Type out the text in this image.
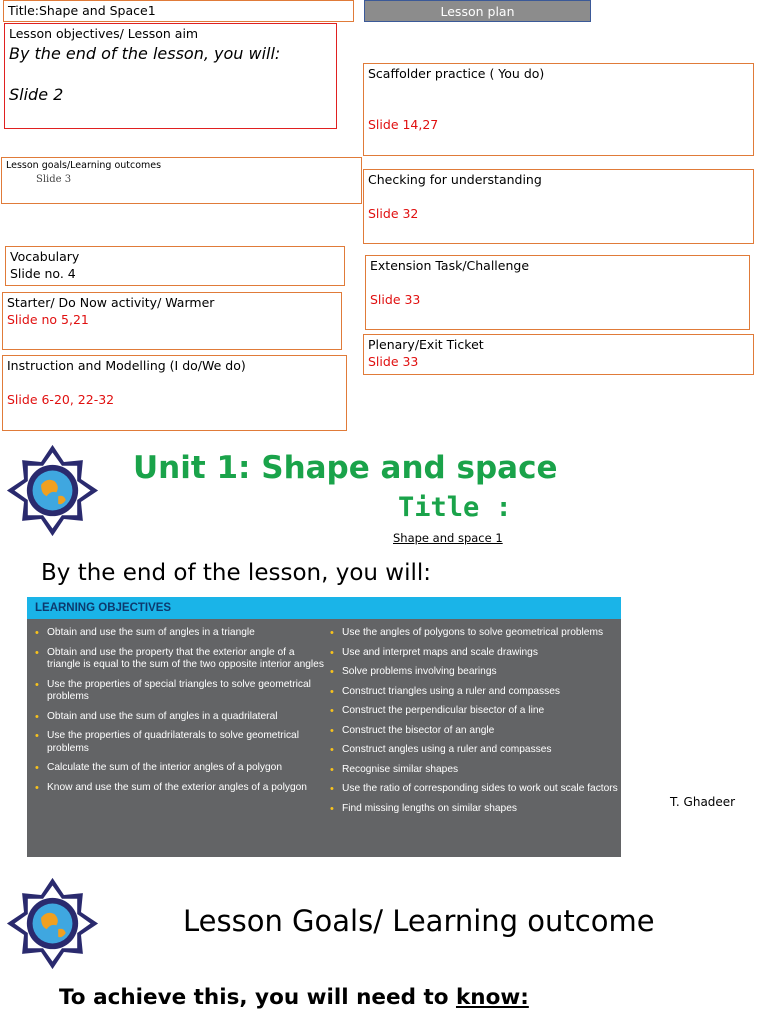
Title:Shape and Space1	Lesson plan
Lesson objectives/ Lesson aim
By the end of the lesson, you will:
Slide 2
Scaffolder practice ( You do)
Slide 14,27
Lesson goals/Learning outcomes
Slide 3	Checking for understanding
Slide 32
Vocabulary
Slide no. 4
Extension Task/Challenge
Slide 33
Starter/ Do Now activity/ Warmer
Slide no 5,21
Plenary/Exit Ticket
Slide 33
Instruction and Modelling (I do/We do)
Slide 6-20, 22-32
Unit 1: Shape and space
Title :
Shape and space 1
By the end of the lesson, you will:
LEARNING OBJECTIVES
• Obtain and use the sum of angles in a triangle
• Obtain and use the property that the exterior angle of a triangle is equal to the sum of the two opposite interior angles
• Use the properties of special triangles to solve geometrical problems
• Obtain and use the sum of angles in a quadrilateral
• Use the properties of quadrilaterals to solve geometrical problems
• Calculate the sum of the interior angles of a polygon
• Know and use the sum of the exterior angles of a polygon
• Use the angles of polygons to solve geometrical problems
• Use and interpret maps and scale drawings
• Solve problems involving bearings
• Construct triangles using a ruler and compasses
• Construct the perpendicular bisector of a line
• Construct the bisector of an angle
• Construct angles using a ruler and compasses
• Recognise similar shapes
• Use the ratio of corresponding sides to work out scale factors
• Find missing lengths on similar shapes	T. Ghadeer
Lesson Goals/ Learning outcome
To achieve this, you will need to know:
